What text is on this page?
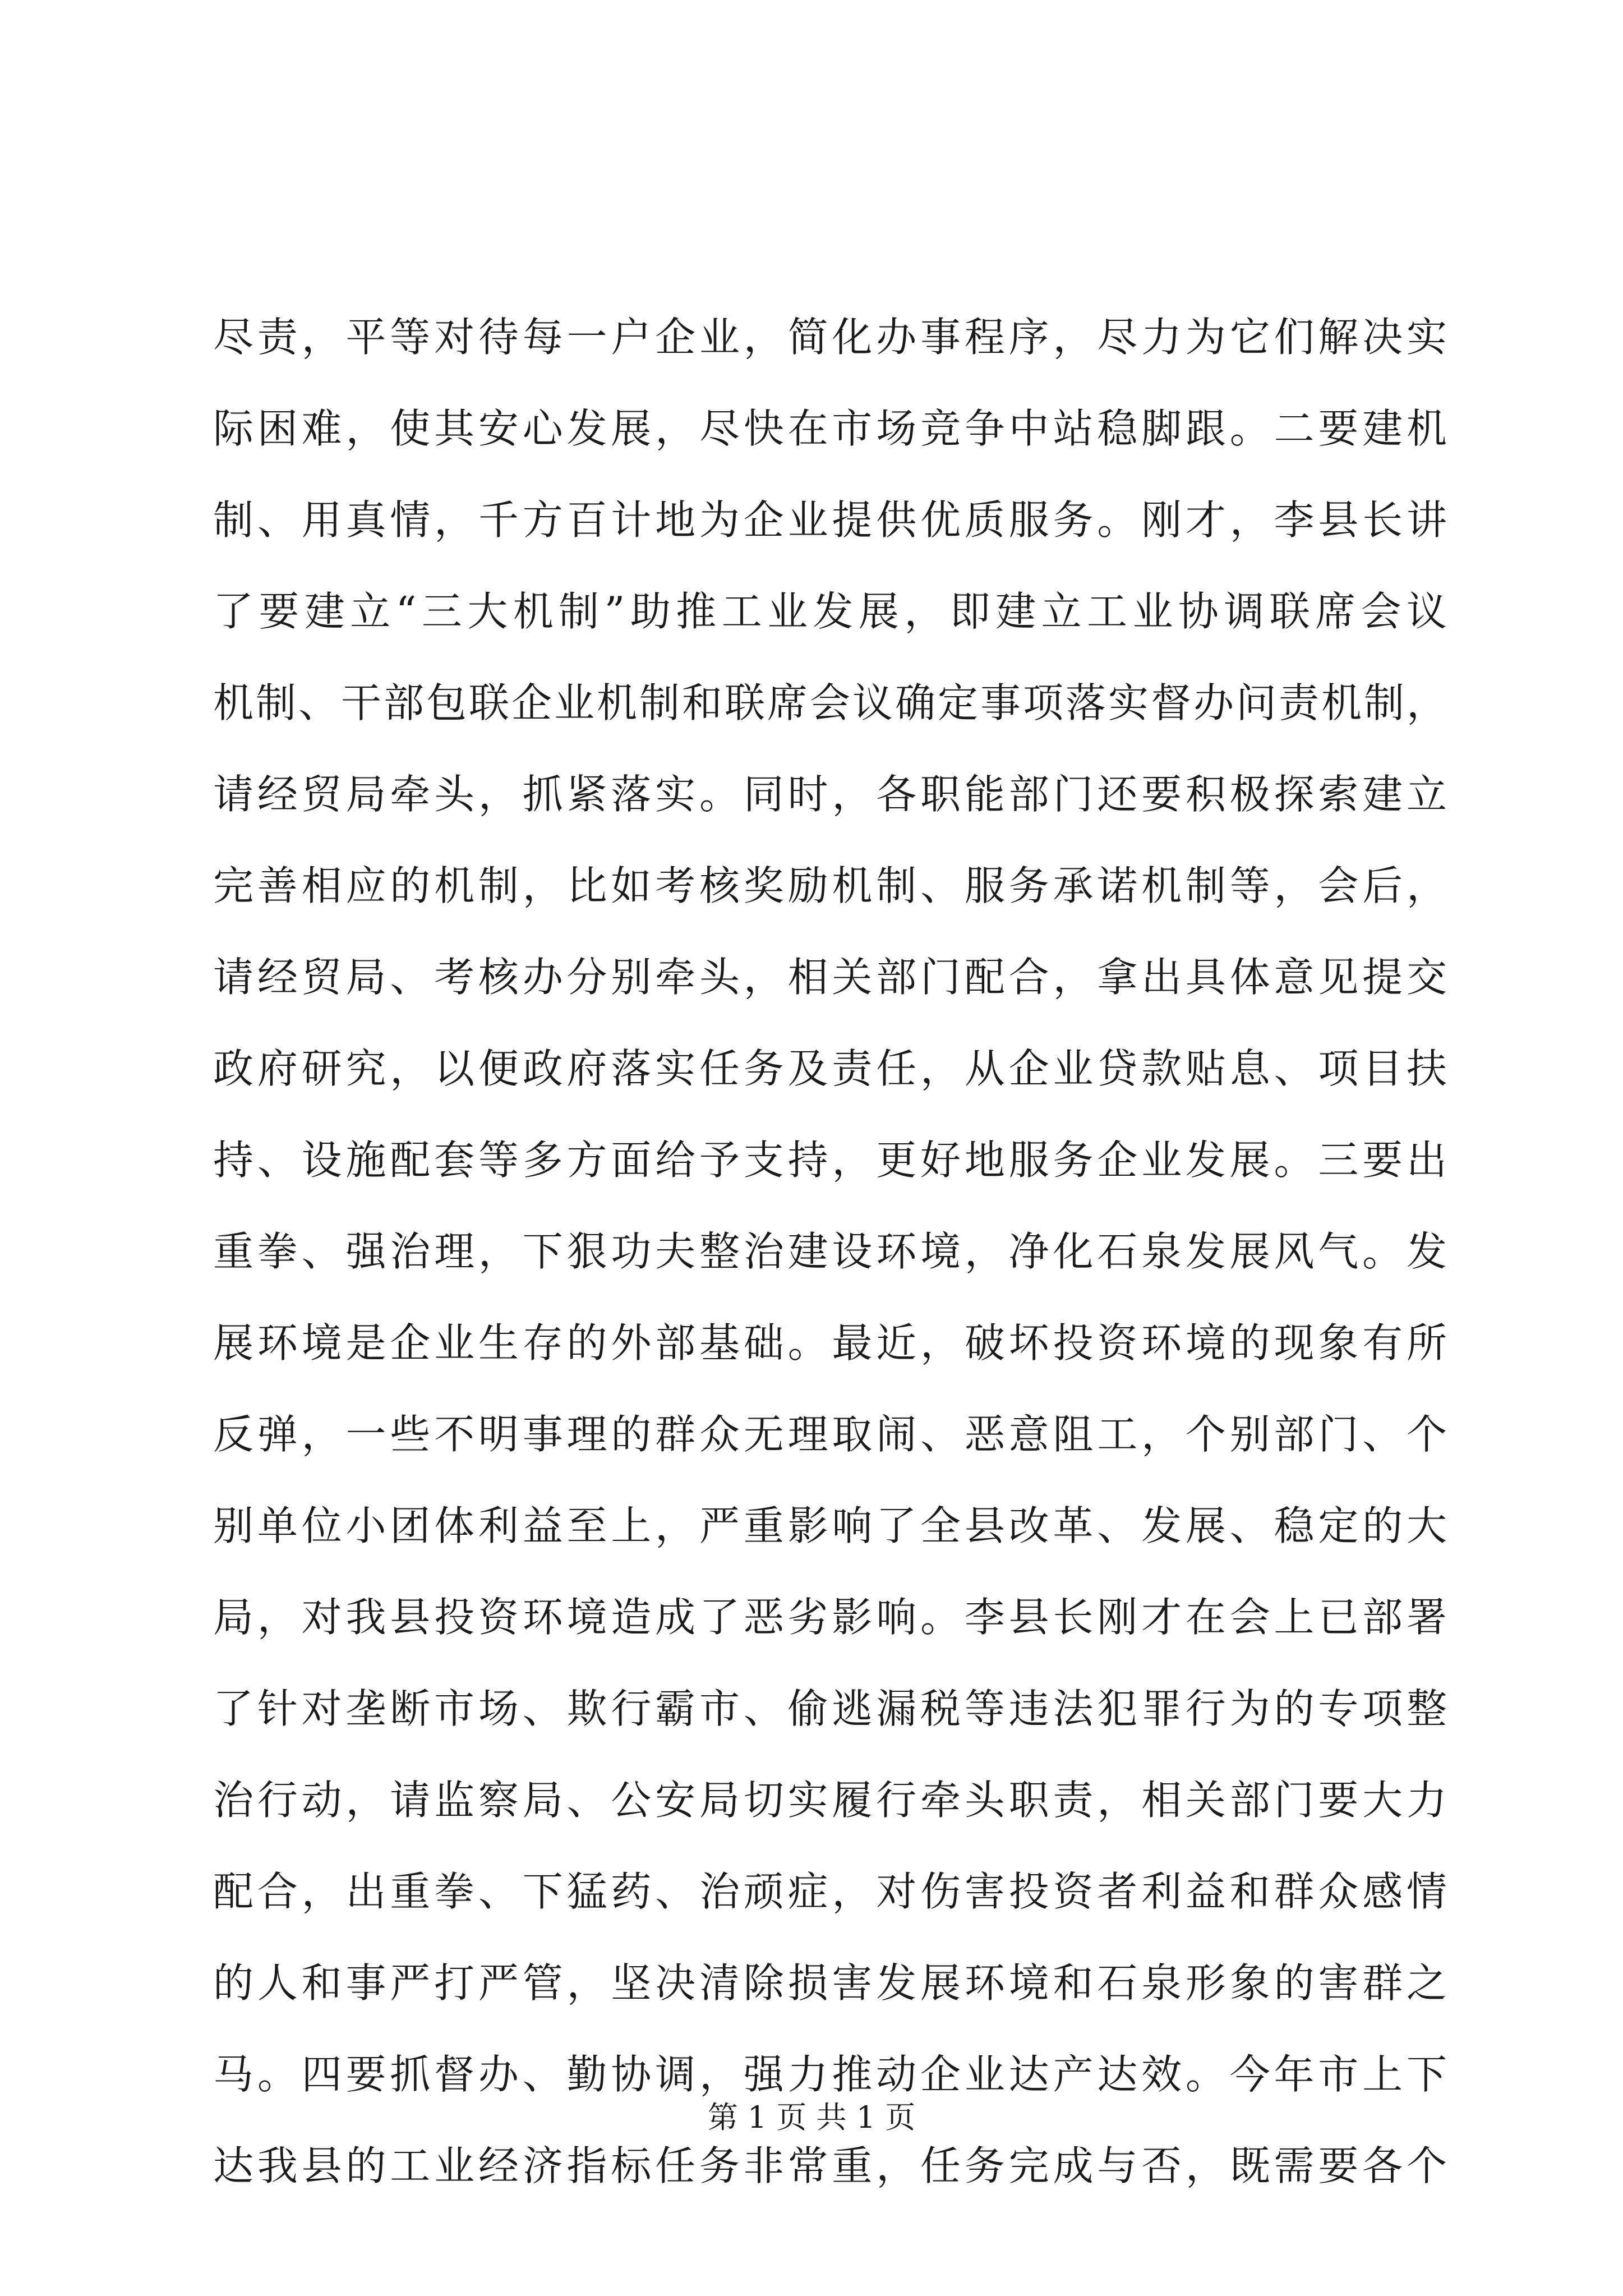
尽责，平等对待每一户企业，简化办事程序，尽力为它们解决实
际困难，使其安心发展，尽快在市场竞争中站稳脚跟。二要建机
制、用真情，千方百计地为企业提供优质服务。刚才，李县长讲
了要建立“三大机制”助推工业发展，即建立工业协调联席会议
机制、干部包联企业机制和联席会议确定事项落实督办问责机制，
请经贸局牵头，抓紧落实。同时，各职能部门还要积极探索建立
完善相应的机制，比如考核奖励机制、服务承诺机制等，会后，
请经贸局、考核办分别牵头，相关部门配合，拿出具体意见提交
政府研究，以便政府落实任务及责任，从企业贷款贴息、项目扶
持、设施配套等多方面给予支持，更好地服务企业发展。三要出
重拳、强治理，下狠功夫整治建设环境，净化石泉发展风气。发
展环境是企业生存的外部基础。最近，破坏投资环境的现象有所
反弹，一些不明事理的群众无理取闹、恶意阻工，个别部门、个
别单位小团体利益至上，严重影响了全县改革、发展、稳定的大
局，对我县投资环境造成了恶劣影响。李县长刚才在会上已部署
了针对垄断市场、欺行霸市、偷逃漏税等违法犯罪行为的专项整
治行动，请监察局、公安局切实履行牵头职责，相关部门要大力
配合，出重拳、下猛药、治顽症，对伤害投资者利益和群众感情
的人和事严打严管，坚决清除损害发展环境和石泉形象的害群之
马。四要抓督办、勤协调，强力推动企业达产达效。今年市上下
达我县的工业经济指标任务非常重，任务完成与否，既需要各个
第 1 页 共 1 页
